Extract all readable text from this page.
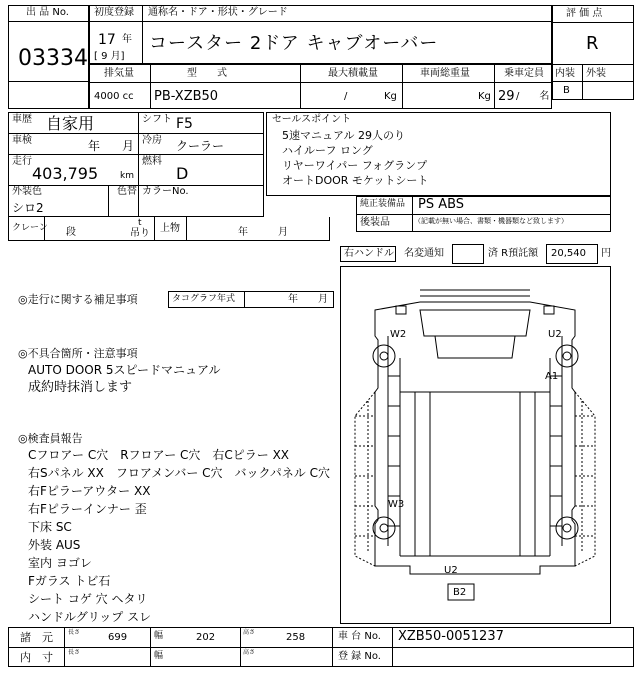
出 品 No.
03334
初度登録 通称名・ドア・形状・グレード
17 年
[ 9 月]
コースター 2ドア キャブオーバー
評 価 点
R
内装 外装
B
排気量	型　　式	最大積載量	車両総重量	乗車定員
4000 cc PB-XZB50	/	Kg	Kg 29 /　　名
車歴 自家用	シフト F5
車検	年 月 冷房 クーラー
走行
403,795 km
燃料
D
外装色
シロ2
色替 カラーNo.
クレーン 段
t
吊り 上物	年	月
セールスポイント
5速マニュアル 29人のり
ハイルーフ ロング
リヤーワイパー フォグランプ
オートDOOR モケットシート
純正装備品 PS ABS
後装品	（記載が無い場合、書類・機器類など致します）
右ハンドル 名変通知	済 R預託額 20,540 円
◎走行に関する補足事項	タコグラフ年式	年 月
◎不具合箇所・注意事項
AUTO DOOR 5スピードマニュアル
成約時抹消します
◎検査員報告
Cフロアー C穴　Rフロアー C穴　右Cピラー XX
右Sパネル XX　フロアメンバー C穴　バックパネル C穴
右Fピラーアウター XX
右Fピラーインナー 歪
下床 SC
外装 AUS
室内 ヨゴレ
Fガラス トビ石
シート コゲ 穴 ヘタリ
ハンドルグリップ スレ
W2	U2
A1
W3
U2
B2
諸　元	長さ	699	幅	202	高さ	258	車 台 No. XZB50-0051237
内　寸	長さ	幅	高さ	登 録 No.
